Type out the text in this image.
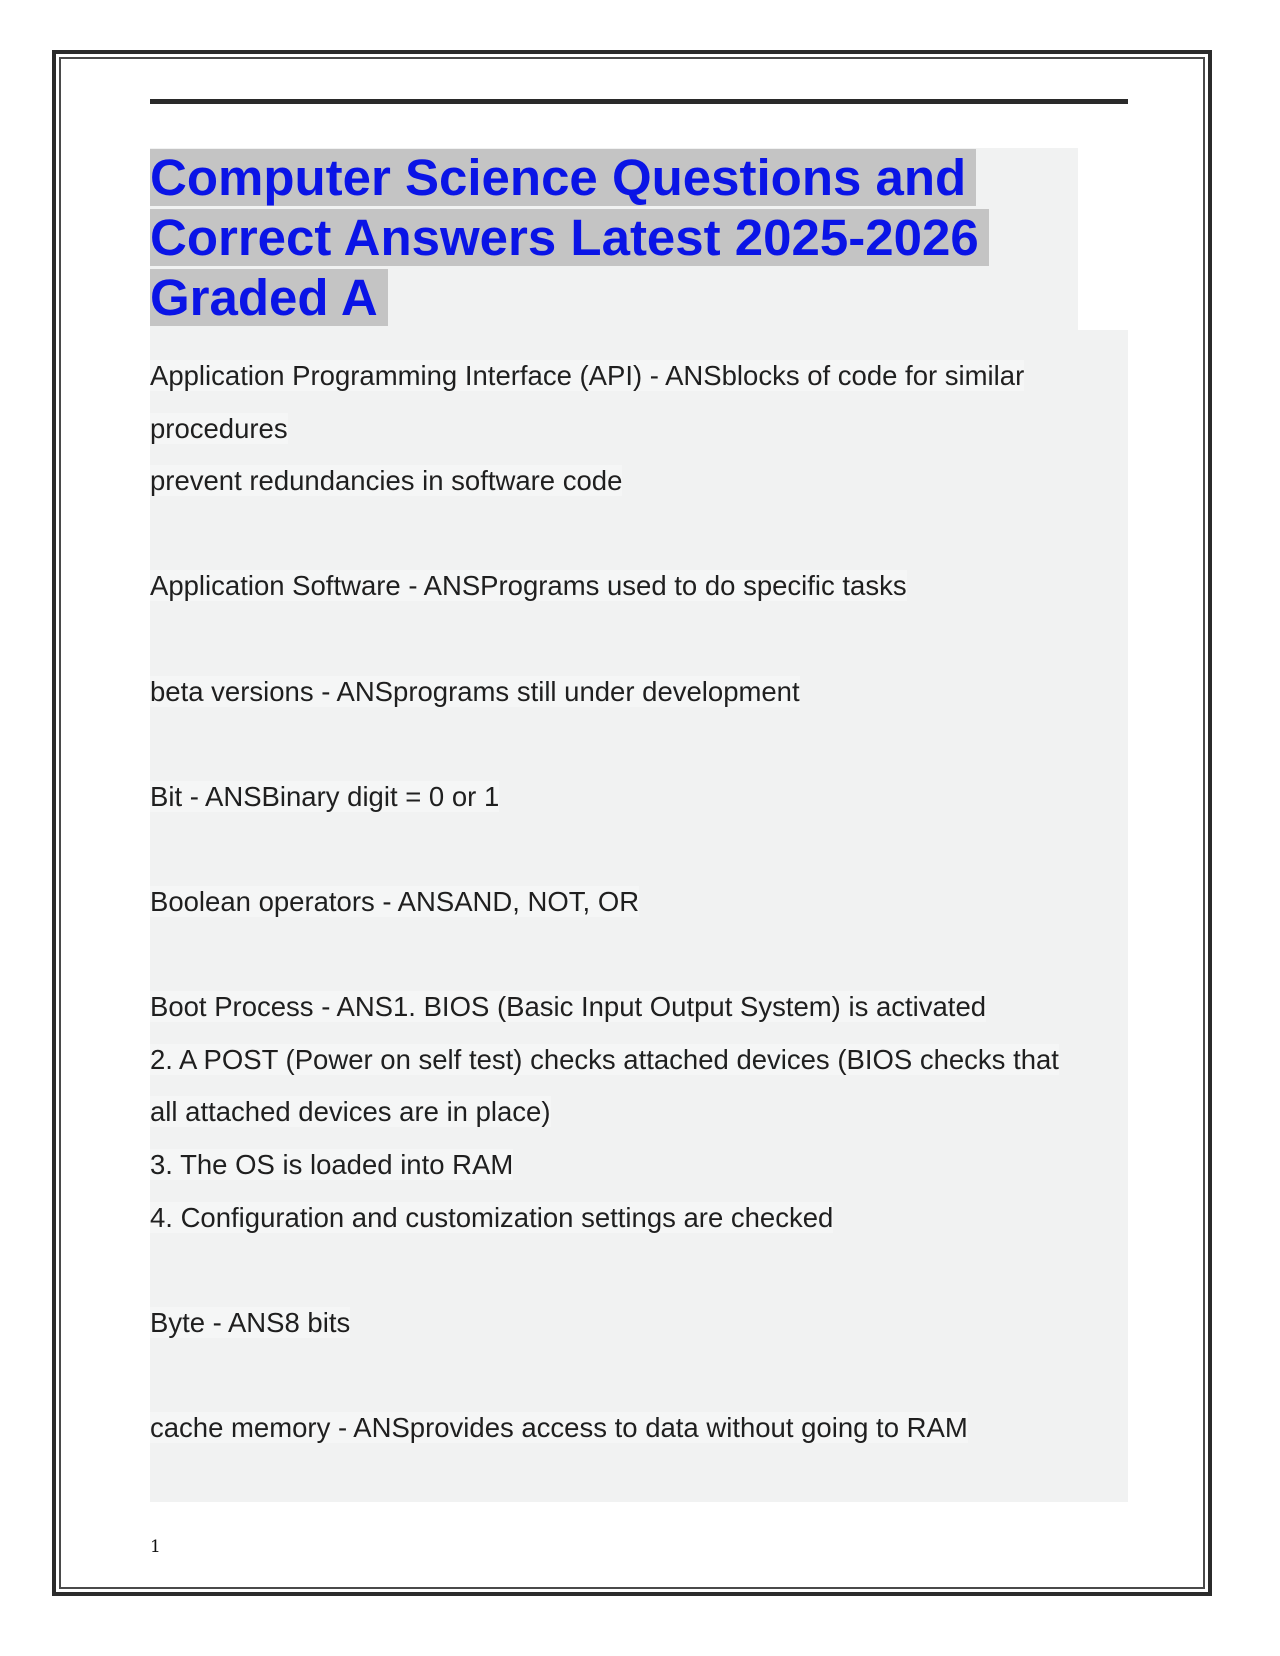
Computer Science Questions and
Correct Answers Latest 2025-2026
Graded A
Application Programming Interface (API) - ANSblocks of code for similar
procedures
prevent redundancies in software code
Application Software - ANSPrograms used to do specific tasks
beta versions - ANSprograms still under development
Bit - ANSBinary digit = 0 or 1
Boolean operators - ANSAND, NOT, OR
Boot Process - ANS1. BIOS (Basic Input Output System) is activated
2. A POST (Power on self test) checks attached devices (BIOS checks that
all attached devices are in place)
3. The OS is loaded into RAM
4. Configuration and customization settings are checked
Byte - ANS8 bits
cache memory - ANSprovides access to data without going to RAM
1
